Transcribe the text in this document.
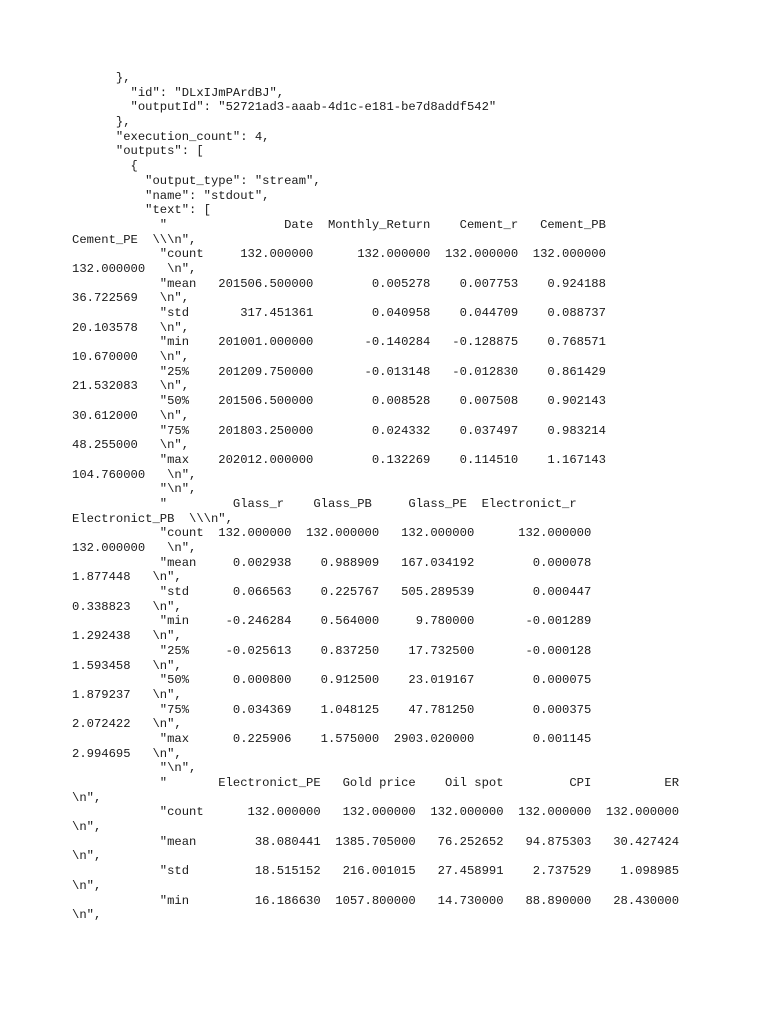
},
"id": "DLxIJmPArdBJ",
"outputId": "52721ad3-aaab-4d1c-e181-be7d8addf542"
},
"execution_count": 4,
"outputs": [
{
"output_type": "stream",
"name": "stdout",
"text": [
"                Date  Monthly_Return    Cement_r   Cement_PB
Cement_PE  \\\n",
"count     132.000000      132.000000  132.000000  132.000000
132.000000   \n",
"mean   201506.500000        0.005278    0.007753    0.924188
36.722569   \n",
"std       317.451361        0.040958    0.044709    0.088737
20.103578   \n",
"min    201001.000000       -0.140284   -0.128875    0.768571
10.670000   \n",
"25%    201209.750000       -0.013148   -0.012830    0.861429
21.532083   \n",
"50%    201506.500000        0.008528    0.007508    0.902143
30.612000   \n",
"75%    201803.250000        0.024332    0.037497    0.983214
48.255000   \n",
"max    202012.000000        0.132269    0.114510    1.167143
104.760000   \n",
"\n",
"         Glass_r    Glass_PB     Glass_PE  Electronict_r
Electronict_PB  \\\n",
"count  132.000000  132.000000   132.000000      132.000000
132.000000   \n",
"mean     0.002938    0.988909   167.034192        0.000078
1.877448   \n",
"std      0.066563    0.225767   505.289539        0.000447
0.338823   \n",
"min     -0.246284    0.564000     9.780000       -0.001289
1.292438   \n",
"25%     -0.025613    0.837250    17.732500       -0.000128
1.593458   \n",
"50%      0.000800    0.912500    23.019167        0.000075
1.879237   \n",
"75%      0.034369    1.048125    47.781250        0.000375
2.072422   \n",
"max      0.225906    1.575000  2903.020000        0.001145
2.994695   \n",
"\n",
"       Electronict_PE   Gold price    Oil spot         CPI          ER
\n",
"count      132.000000   132.000000  132.000000  132.000000  132.000000
\n",
"mean        38.080441  1385.705000   76.252652   94.875303   30.427424
\n",
"std         18.515152   216.001015   27.458991    2.737529    1.098985
\n",
"min         16.186630  1057.800000   14.730000   88.890000   28.430000
\n",
